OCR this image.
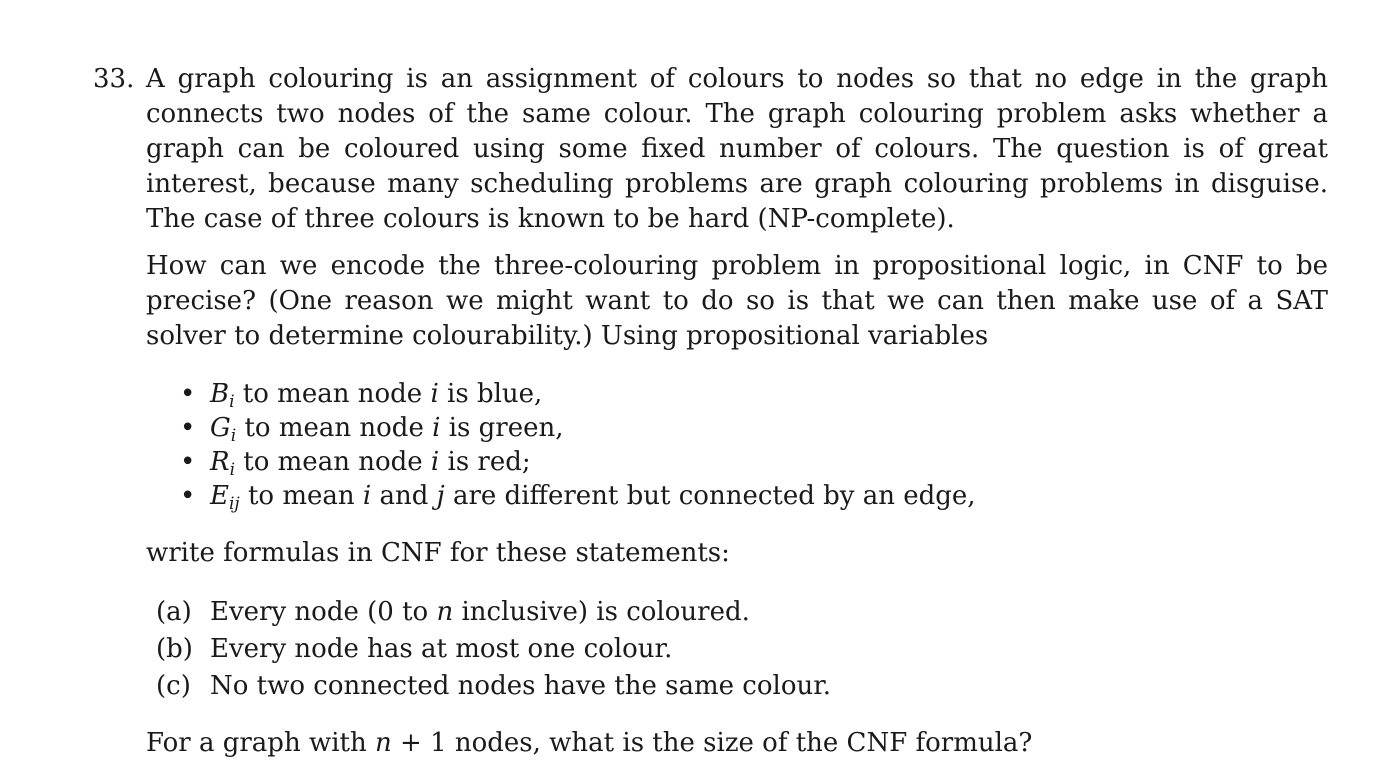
33. A graph colouring is an assignment of colours to nodes so that no edge in the graph connects two nodes of the same colour. The graph colouring problem asks whether a graph can be coloured using some fixed number of colours. The question is of great interest, because many scheduling problems are graph colouring problems in disguise. The case of three colours is known to be hard (NP-complete).

How can we encode the three-colouring problem in propositional logic, in CNF to be precise? (One reason we might want to do so is that we can then make use of a SAT solver to determine colourability.) Using propositional variables

• $B_i$ to mean node i is blue,
• $G_i$ to mean node i is green,
• $R_i$ to mean node i is red;
• $E_{ij}$ to mean i and j are different but connected by an edge,

write formulas in CNF for these statements:

(a) Every node (0 to n inclusive) is coloured.
(b) Every node has at most one colour.
(c) No two connected nodes have the same colour.

For a graph with n + 1 nodes, what is the size of the CNF formula?
